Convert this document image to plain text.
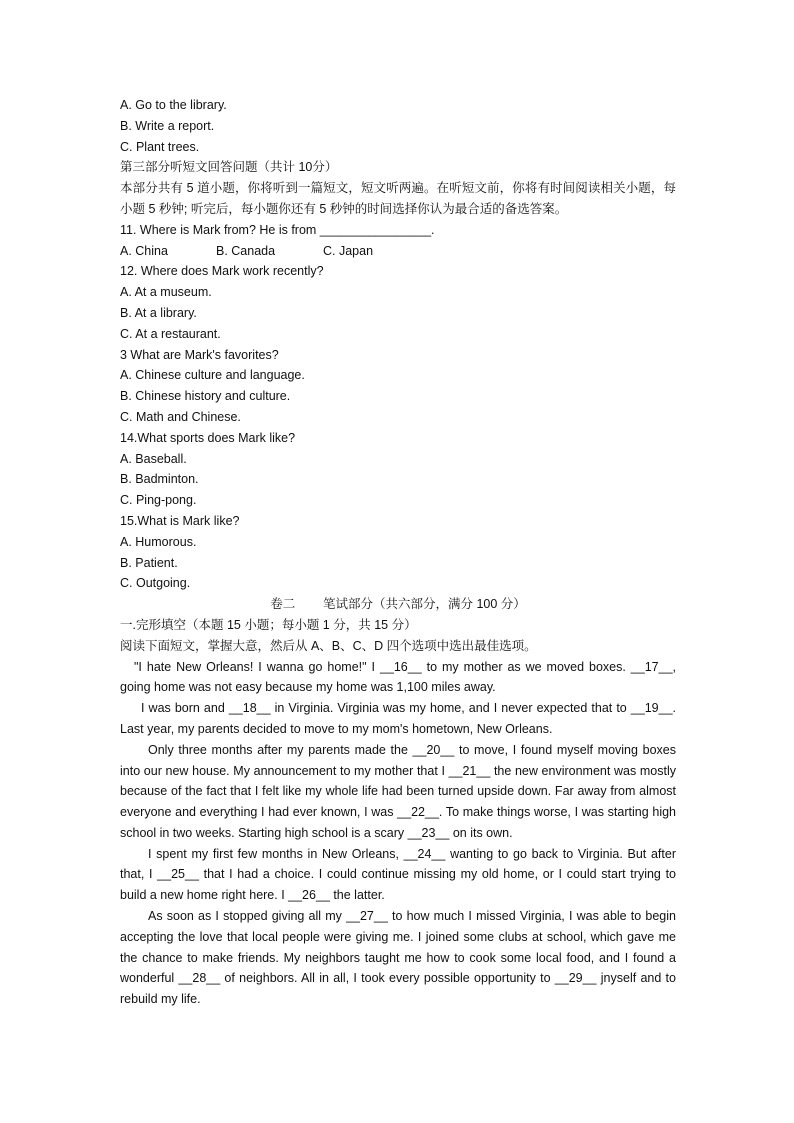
A. Go to the library.
B. Write a report.
C. Plant trees.
第三部分听短文回答问题（共计 10分）
本部分共有 5 道小题，你将听到一篇短文，短文听两遍。在听短文前，你将有时间阅读相关小题，每 小题 5 秒钟; 听完后，每小题你还有 5 秒钟的时间选择你认为最合适的备选答案。
11. Where is Mark from? He is from ________________.
A. China	B. Canada	C. Japan
12. Where does Mark work recently?
A. At a museum.
B. At a library.
C. At a restaurant.
3 What are Mark's favorites?
A. Chinese culture and language.
B. Chinese history and culture.
C. Math and Chinese.
14.What sports does Mark like?
A. Baseball.
B. Badminton.
C. Ping-pong.
15.What is Mark like?
A. Humorous.
B. Patient.
C. Outgoing.
卷二        笔试部分（共六部分，满分 100 分）
一.完形填空（本题 15 小题；每小题 1 分，共 15 分）
阅读下面短文，掌握大意，然后从 A、B、C、D 四个选项中选出最佳选项。
"I hate New Orleans! I wanna go home!" I __16__ to my mother as we moved boxes. __17__, going home was not easy because my home was 1,100 miles away.
I was born and __18__ in Virginia. Virginia was my home, and I never expected that to __19__. Last year, my parents decided to move to my mom's hometown, New Orleans.
Only three months after my parents made the __20__ to move, I found myself moving boxes into our new house. My announcement to my mother that I __21__ the new environment was mostly because of the fact that I felt like my whole life had been turned upside down. Far away from almost everyone and everything I had ever known, I was __22__. To make things worse, I was starting high school in two weeks. Starting high school is a scary __23__ on its own.
I spent my first few months in New Orleans, __24__ wanting to go back to Virginia. But after that, I __25__ that I had a choice. I could continue missing my old home, or I could start trying to build a new home right here. I __26__ the latter.
As soon as I stopped giving all my __27__ to how much I missed Virginia, I was able to begin accepting the love that local people were giving me. I joined some clubs at school, which gave me the chance to make friends. My neighbors taught me how to cook some local food, and I found a wonderful __28__ of neighbors. All in all, I took every possible opportunity to __29__ jnyself and to rebuild my life.
